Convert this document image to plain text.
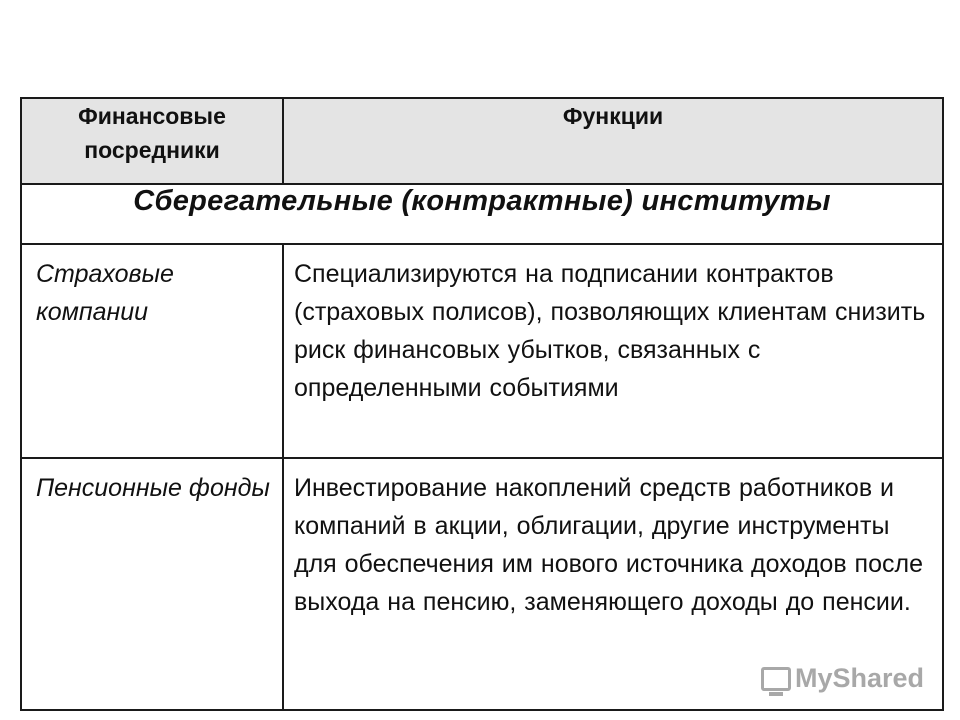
Финансовые посредники	Функции
Сберегательные (контрактные) институты	
Страховые компании	Специализируются на подписании контрактов (страховых полисов), позволяющих клиентам снизить риск финансовых убытков, связанных с определенными событиями
Пенсионные фонды	Инвестирование накоплений средств работников и компаний в акции, облигации, другие инструменты для обеспечения им нового источника доходов после выхода на пенсию, заменяющего доходы до пенсии.
MyShared
